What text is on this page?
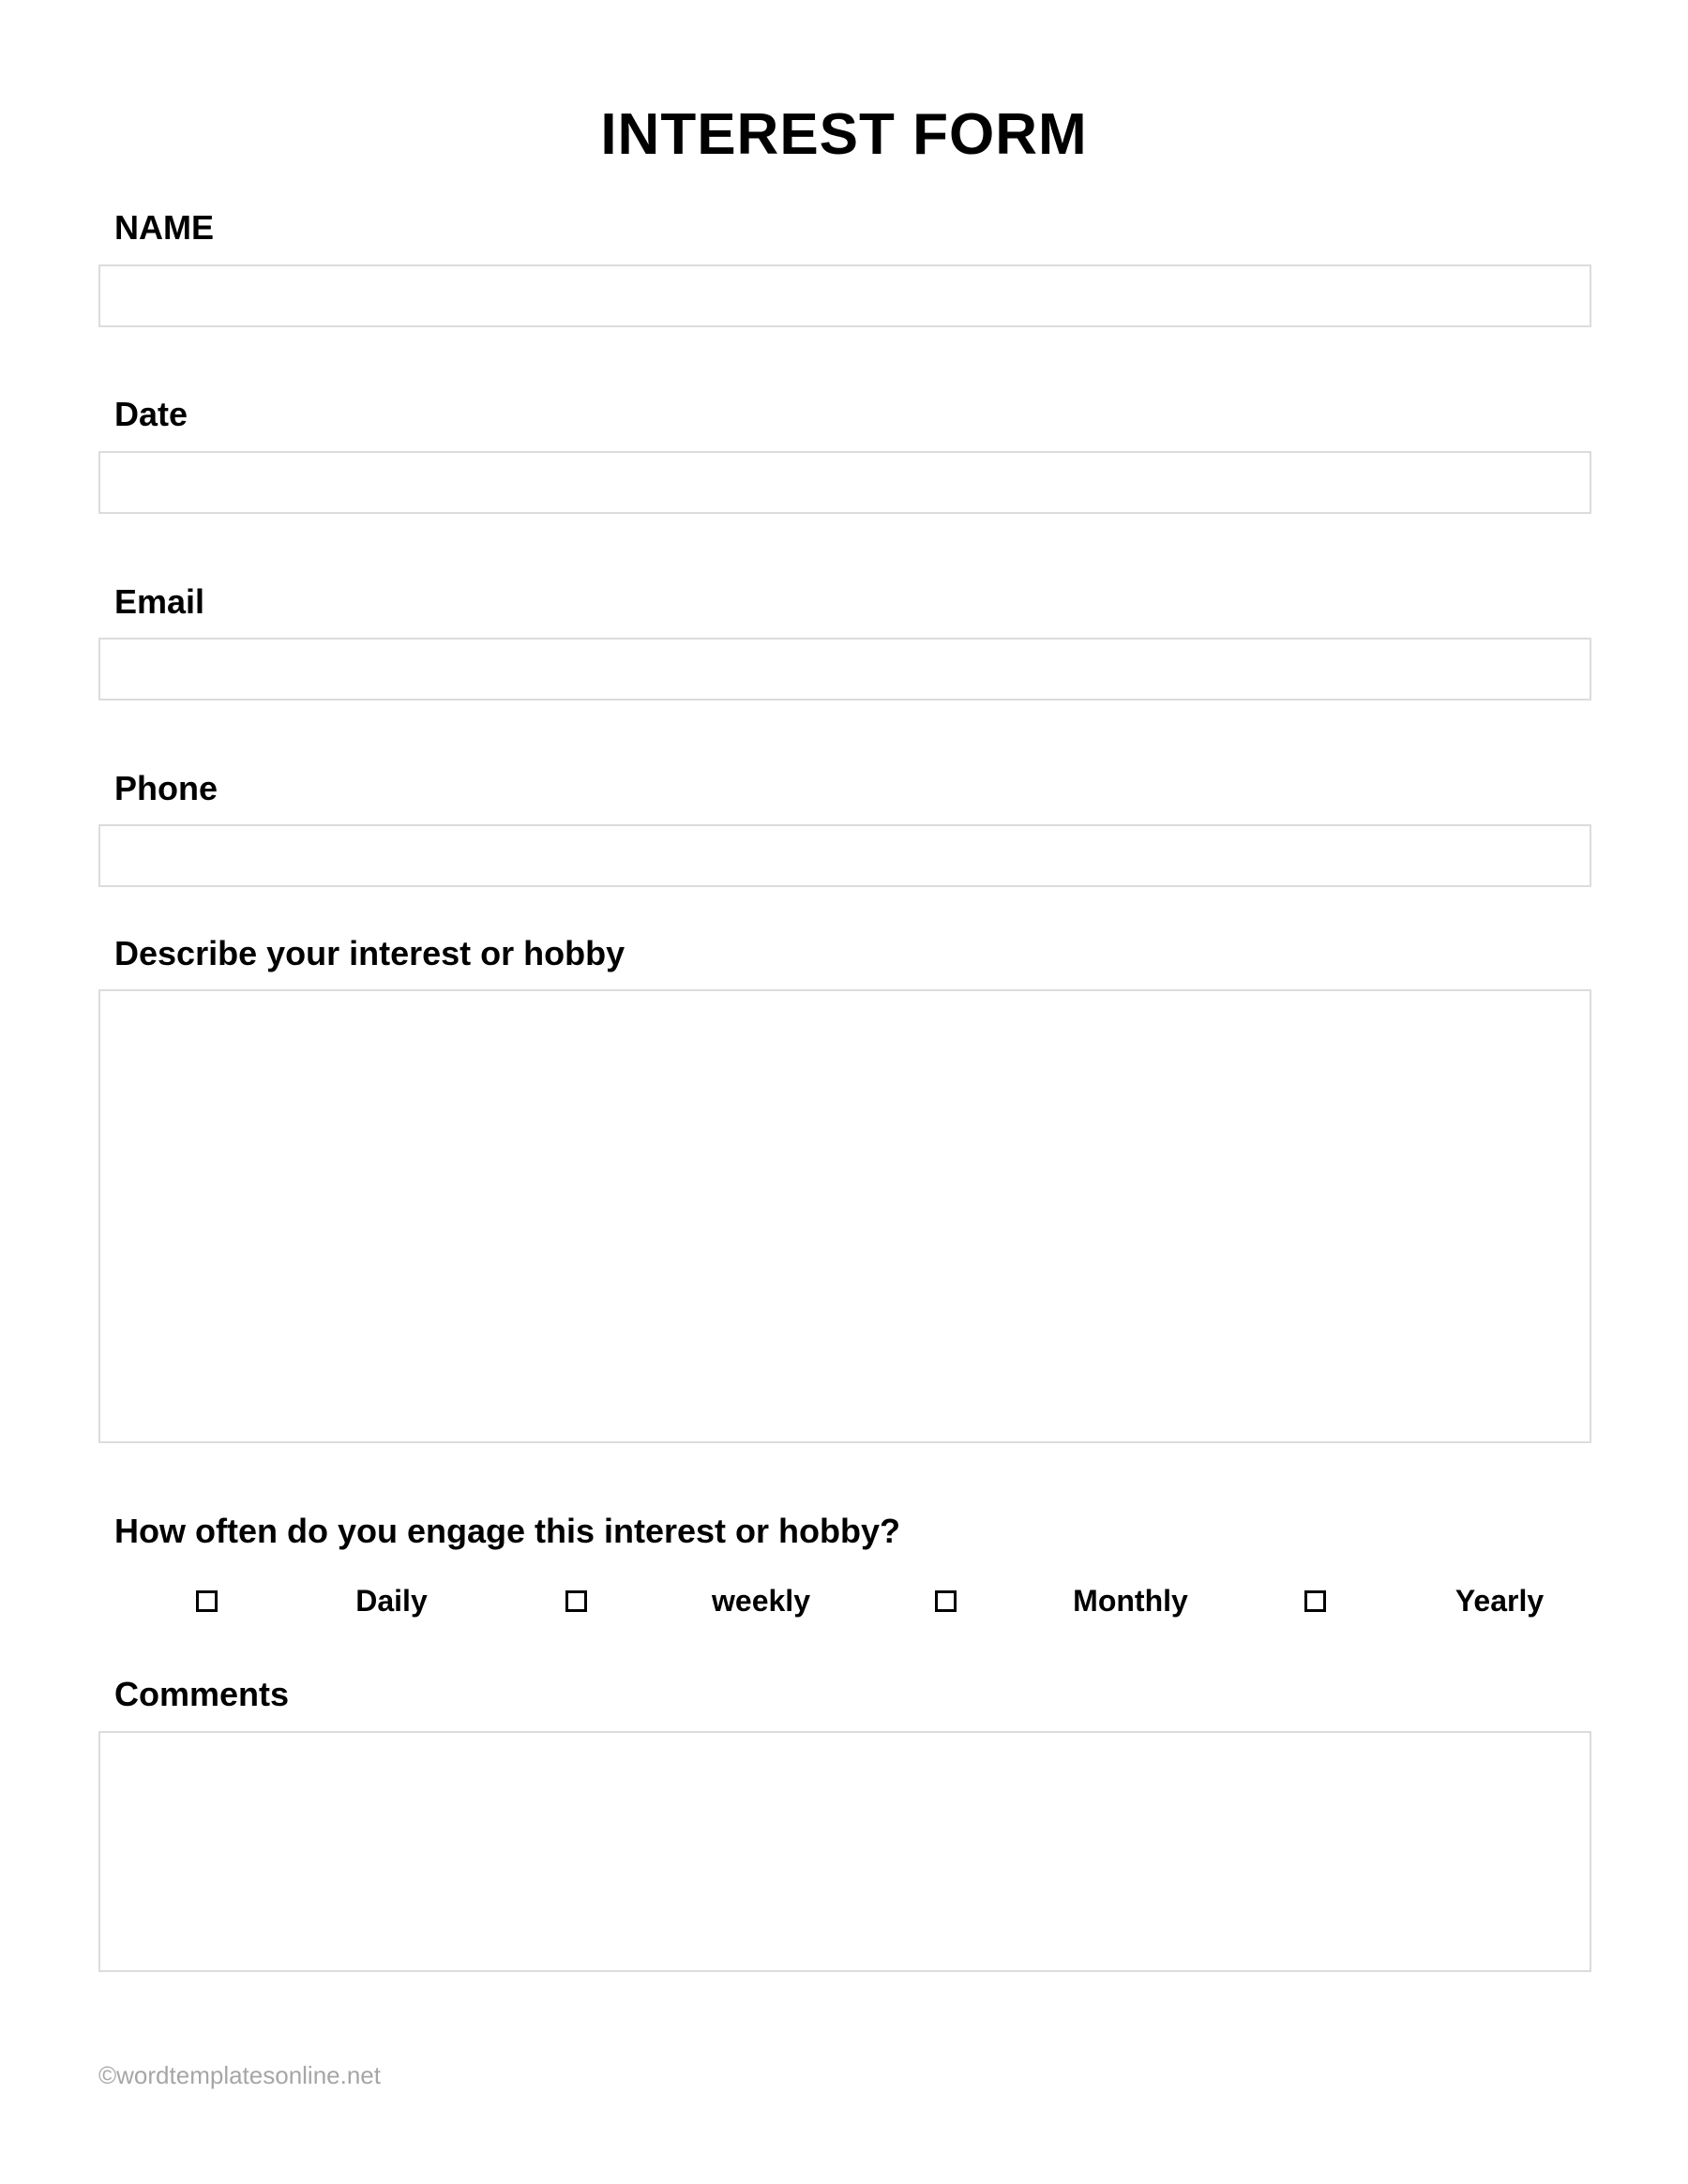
INTEREST FORM
NAME
Date
Email
Phone
Describe your interest or hobby
How often do you engage this interest or hobby?
Daily	weekly	Monthly	Yearly
Comments
©wordtemplatesonline.net
